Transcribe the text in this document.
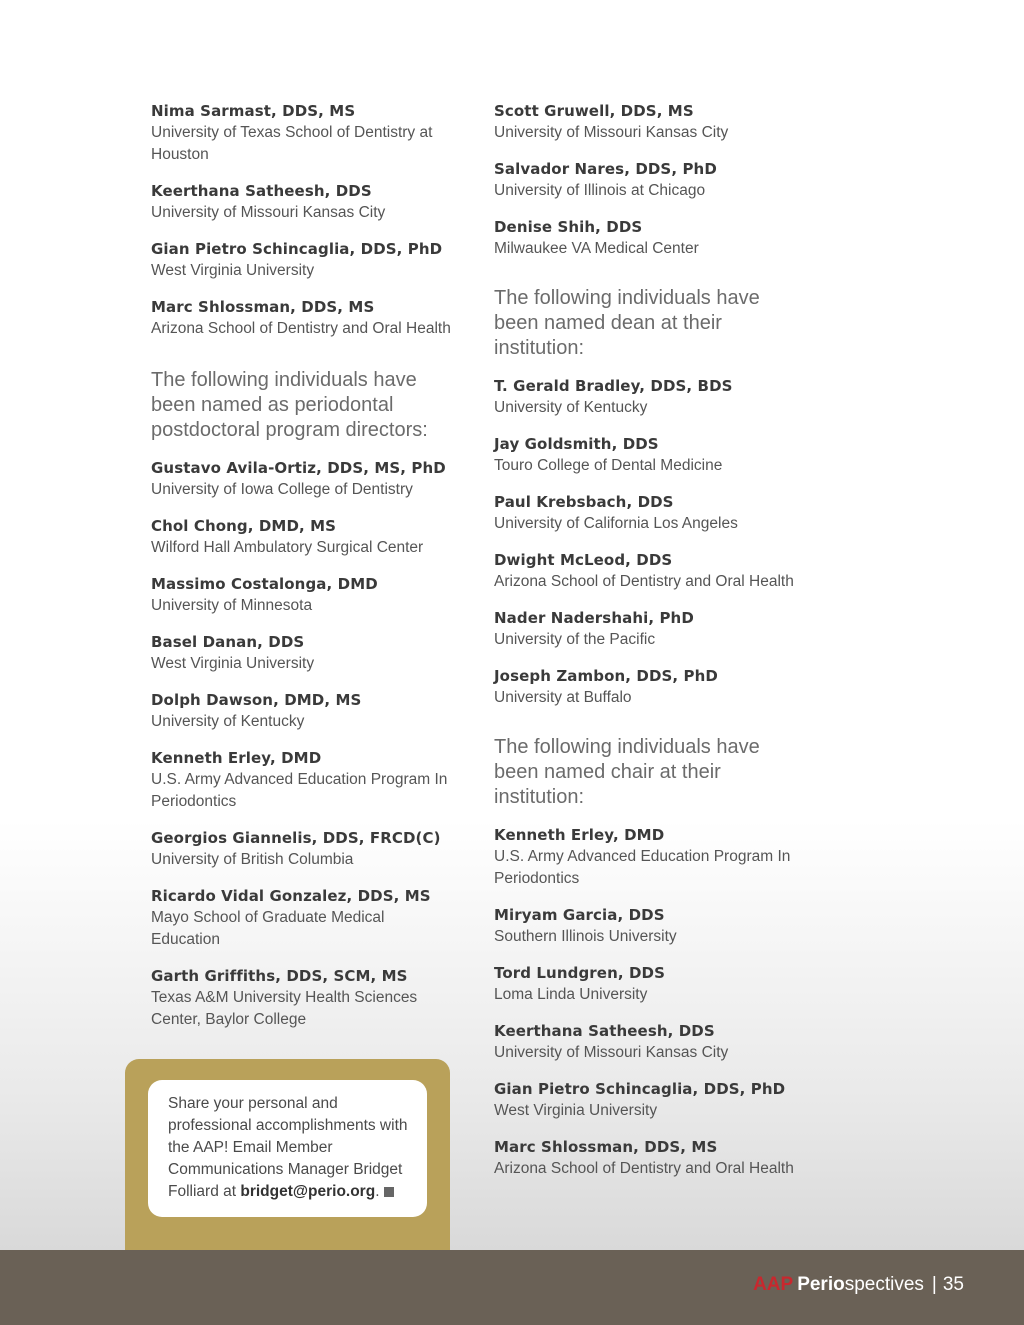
Nima Sarmast, DDS, MS
University of Texas School of Dentistry at Houston
Keerthana Satheesh, DDS
University of Missouri Kansas City
Gian Pietro Schincaglia, DDS, PhD
West Virginia University
Marc Shlossman, DDS, MS
Arizona School of Dentistry and Oral Health
The following individuals have been named as periodontal postdoctoral program directors:
Gustavo Avila-Ortiz, DDS, MS, PhD
University of Iowa College of Dentistry
Chol Chong, DMD, MS
Wilford Hall Ambulatory Surgical Center
Massimo Costalonga, DMD
University of Minnesota
Basel Danan, DDS
West Virginia University
Dolph Dawson, DMD, MS
University of Kentucky
Kenneth Erley, DMD
U.S. Army Advanced Education Program In Periodontics
Georgios Giannelis, DDS, FRCD(C)
University of British Columbia
Ricardo Vidal Gonzalez, DDS, MS
Mayo School of Graduate Medical Education
Garth Griffiths, DDS, SCM, MS
Texas A&M University Health Sciences Center, Baylor College
Scott Gruwell, DDS, MS
University of Missouri Kansas City
Salvador Nares, DDS, PhD
University of Illinois at Chicago
Denise Shih, DDS
Milwaukee VA Medical Center
The following individuals have been named dean at their institution:
T. Gerald Bradley, DDS, BDS
University of Kentucky
Jay Goldsmith, DDS
Touro College of Dental Medicine
Paul Krebsbach, DDS
University of California Los Angeles
Dwight McLeod, DDS
Arizona School of Dentistry and Oral Health
Nader Nadershahi, PhD
University of the Pacific
Joseph Zambon, DDS, PhD
University at Buffalo
The following individuals have been named chair at their institution:
Kenneth Erley, DMD
U.S. Army Advanced Education Program In Periodontics
Miryam Garcia, DDS
Southern Illinois University
Tord Lundgren, DDS
Loma Linda University
Keerthana Satheesh, DDS
University of Missouri Kansas City
Gian Pietro Schincaglia, DDS, PhD
West Virginia University
Marc Shlossman, DDS, MS
Arizona School of Dentistry and Oral Health
Share your personal and professional accomplishments with the AAP! Email Member Communications Manager Bridget Folliard at bridget@perio.org.
AAP Perio spectives | 35
